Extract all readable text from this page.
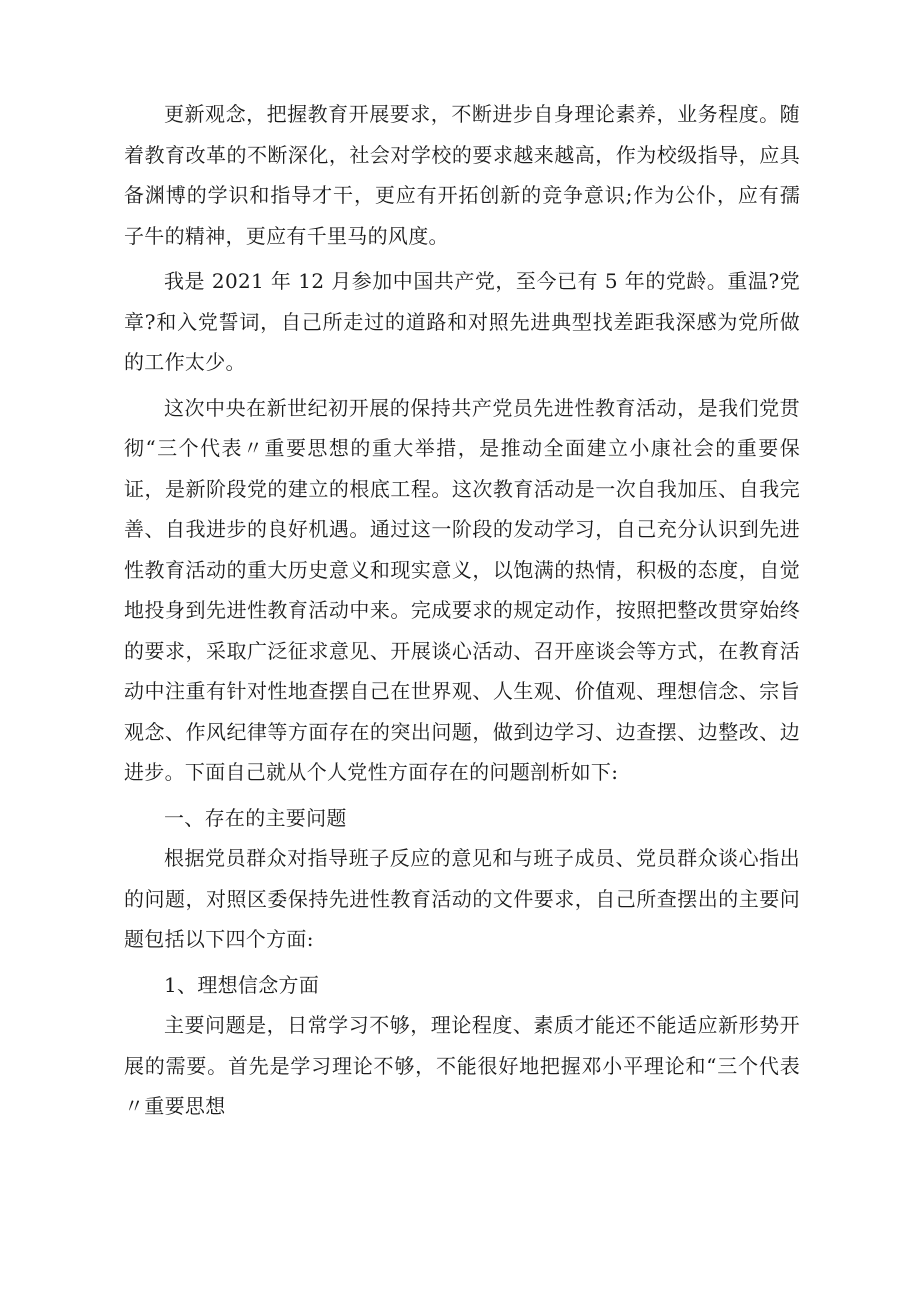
更新观念，把握教育开展要求，不断进步自身理论素养，业务程度。随着教育改革的不断深化，社会对学校的要求越来越高，作为校级指导，应具备渊博的学识和指导才干，更应有开拓创新的竞争意识;作为公仆，应有孺子牛的精神，更应有千里马的风度。

我是 2021 年 12 月参加中国共产党，至今已有 5 年的党龄。重温?党章?和入党誓词，自己所走过的道路和对照先进典型找差距我深感为党所做的工作太少。

这次中央在新世纪初开展的保持共产党员先进性教育活动，是我们党贯彻“三个代表〃重要思想的重大举措，是推动全面建立小康社会的重要保证，是新阶段党的建立的根底工程。这次教育活动是一次自我加压、自我完善、自我进步的良好机遇。通过这一阶段的发动学习，自己充分认识到先进性教育活动的重大历史意义和现实意义，以饱满的热情，积极的态度，自觉地投身到先进性教育活动中来。完成要求的规定动作，按照把整改贯穿始终的要求，采取广泛征求意见、开展谈心活动、召开座谈会等方式，在教育活动中注重有针对性地查摆自己在世界观、人生观、价值观、理想信念、宗旨观念、作风纪律等方面存在的突出问题，做到边学习、边查摆、边整改、边进步。下面自己就从个人党性方面存在的问题剖析如下:

一、存在的主要问题

根据党员群众对指导班子反应的意见和与班子成员、党员群众谈心指出的问题，对照区委保持先进性教育活动的文件要求，自己所查摆出的主要问题包括以下四个方面:

1、理想信念方面

主要问题是，日常学习不够，理论程度、素质才能还不能适应新形势开展的需要。首先是学习理论不够，不能很好地把握邓小平理论和“三个代表〃重要思想
